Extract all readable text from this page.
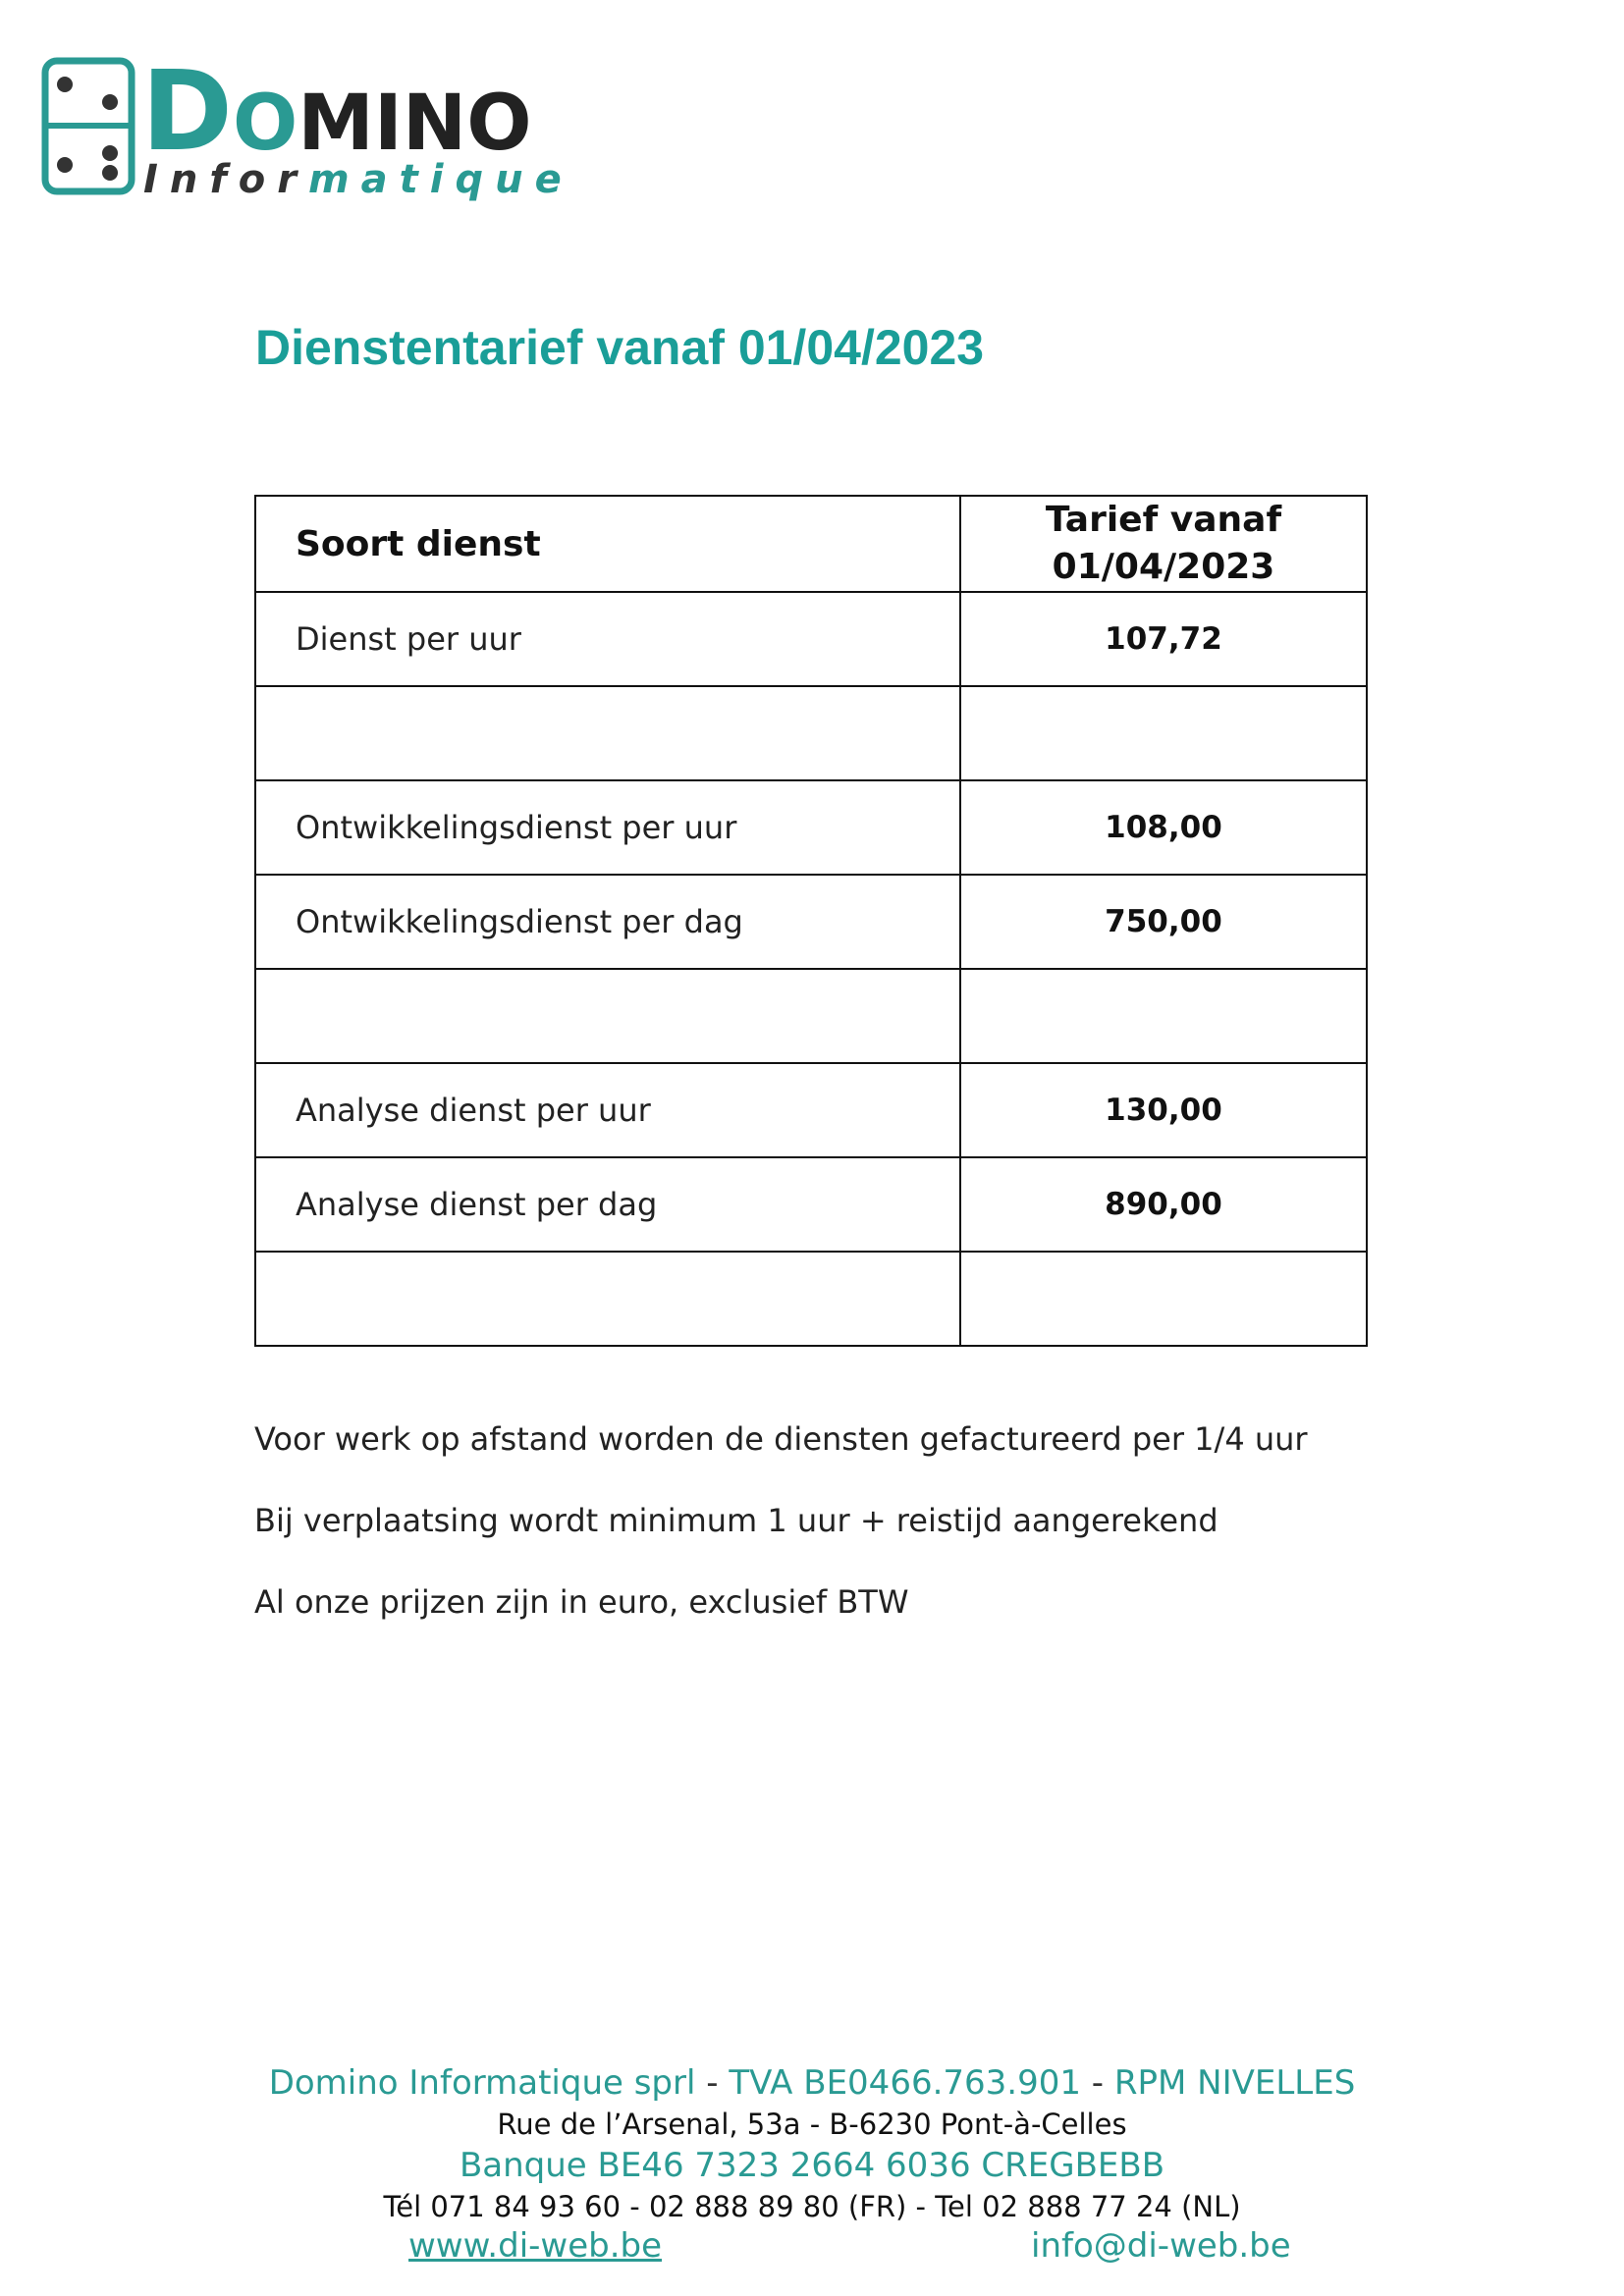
DOMINO
Informatique
Dienstentarief vanaf 01/04/2023
Soort dienst	Tarief vanaf
01/04/2023
Dienst per uur	107,72

Ontwikkelingsdienst per uur	108,00
Ontwikkelingsdienst per dag	750,00

Analyse dienst per uur	130,00
Analyse dienst per dag	890,00

Voor werk op afstand worden de diensten gefactureerd per 1/4 uur

Bij verplaatsing wordt minimum 1 uur + reistijd aangerekend

Al onze prijzen zijn in euro, exclusief BTW

Domino Informatique sprl - TVA BE0466.763.901 - RPM NIVELLES
Rue de l’Arsenal, 53a - B-6230 Pont-à-Celles
Banque BE46 7323 2664 6036 CREGBEBB
Tél 071 84 93 60 - 02 888 89 80 (FR) - Tel 02 888 77 24 (NL)
www.di-web.be	info@di-web.be
